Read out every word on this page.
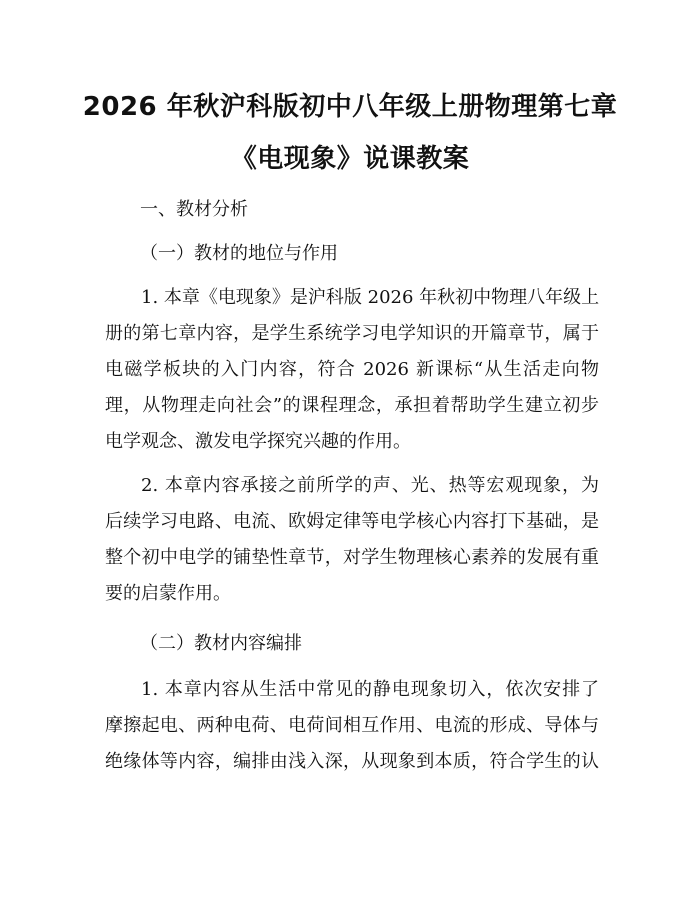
2026 年秋沪科版初中八年级上册物理第七章
《电现象》说课教案
一、教材分析
（一）教材的地位与作用
1. 本章《电现象》是沪科版 2026 年秋初中物理八年级上
册的第七章内容，是学生系统学习电学知识的开篇章节，属于
电磁学板块的入门内容，符合 2026 新课标“从生活走向物
理，从物理走向社会”的课程理念，承担着帮助学生建立初步
电学观念、激发电学探究兴趣的作用。
2. 本章内容承接之前所学的声、光、热等宏观现象，为
后续学习电路、电流、欧姆定律等电学核心内容打下基础，是
整个初中电学的铺垫性章节，对学生物理核心素养的发展有重
要的启蒙作用。
（二）教材内容编排
1. 本章内容从生活中常见的静电现象切入，依次安排了
摩擦起电、两种电荷、电荷间相互作用、电流的形成、导体与
绝缘体等内容，编排由浅入深，从现象到本质，符合学生的认
